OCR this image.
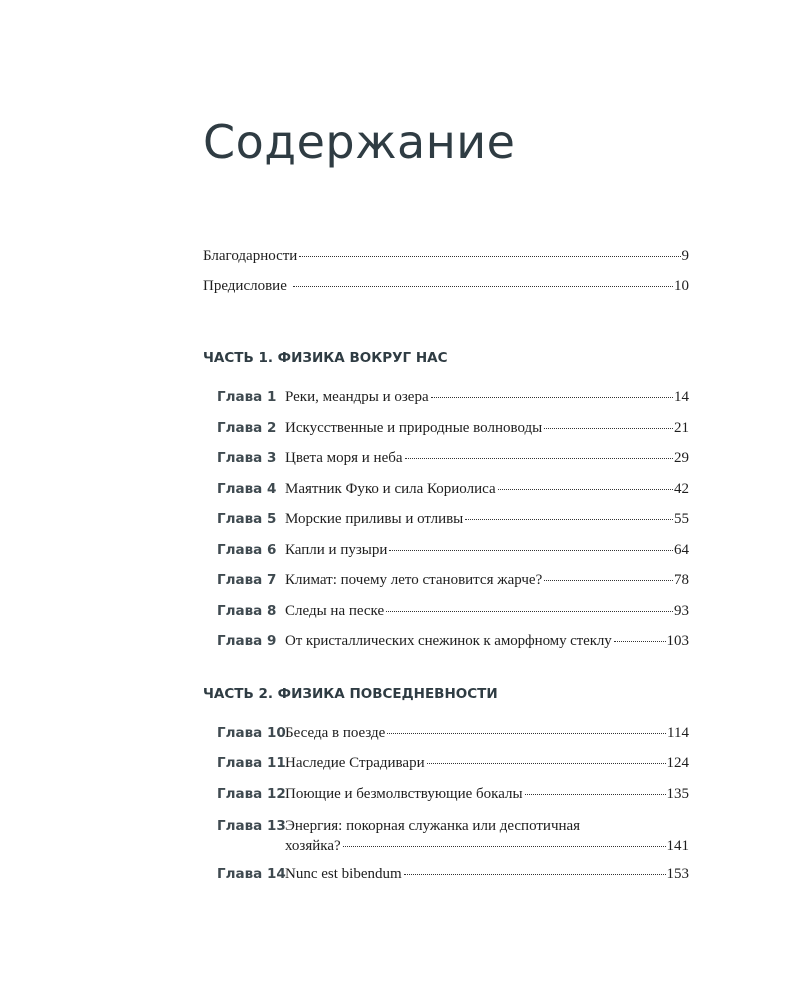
Содержание
Благодарности	9
Предисловие	10
ЧАСТЬ 1. ФИЗИКА ВОКРУГ НАС
Глава 1 Реки, меандры и озера	14
Глава 2 Искусственные и природные волноводы	21
Глава 3 Цвета моря и неба	29
Глава 4 Маятник Фуко и сила Кориолиса	42
Глава 5 Морские приливы и отливы	55
Глава 6 Капли и пузыри	64
Глава 7 Климат: почему лето становится жарче?	78
Глава 8 Следы на песке	93
Глава 9 От кристаллических снежинок к аморфному стеклу	103
ЧАСТЬ 2. ФИЗИКА ПОВСЕДНЕВНОСТИ
Глава 10 Беседа в поезде	114
Глава 11 Наследие Страдивари	124
Глава 12 Поющие и безмолвствующие бокалы	135
Глава 13 Энергия: покорная служанка или деспотичная
хозяйка?	141
Глава 14 Nunc est bibendum	153
